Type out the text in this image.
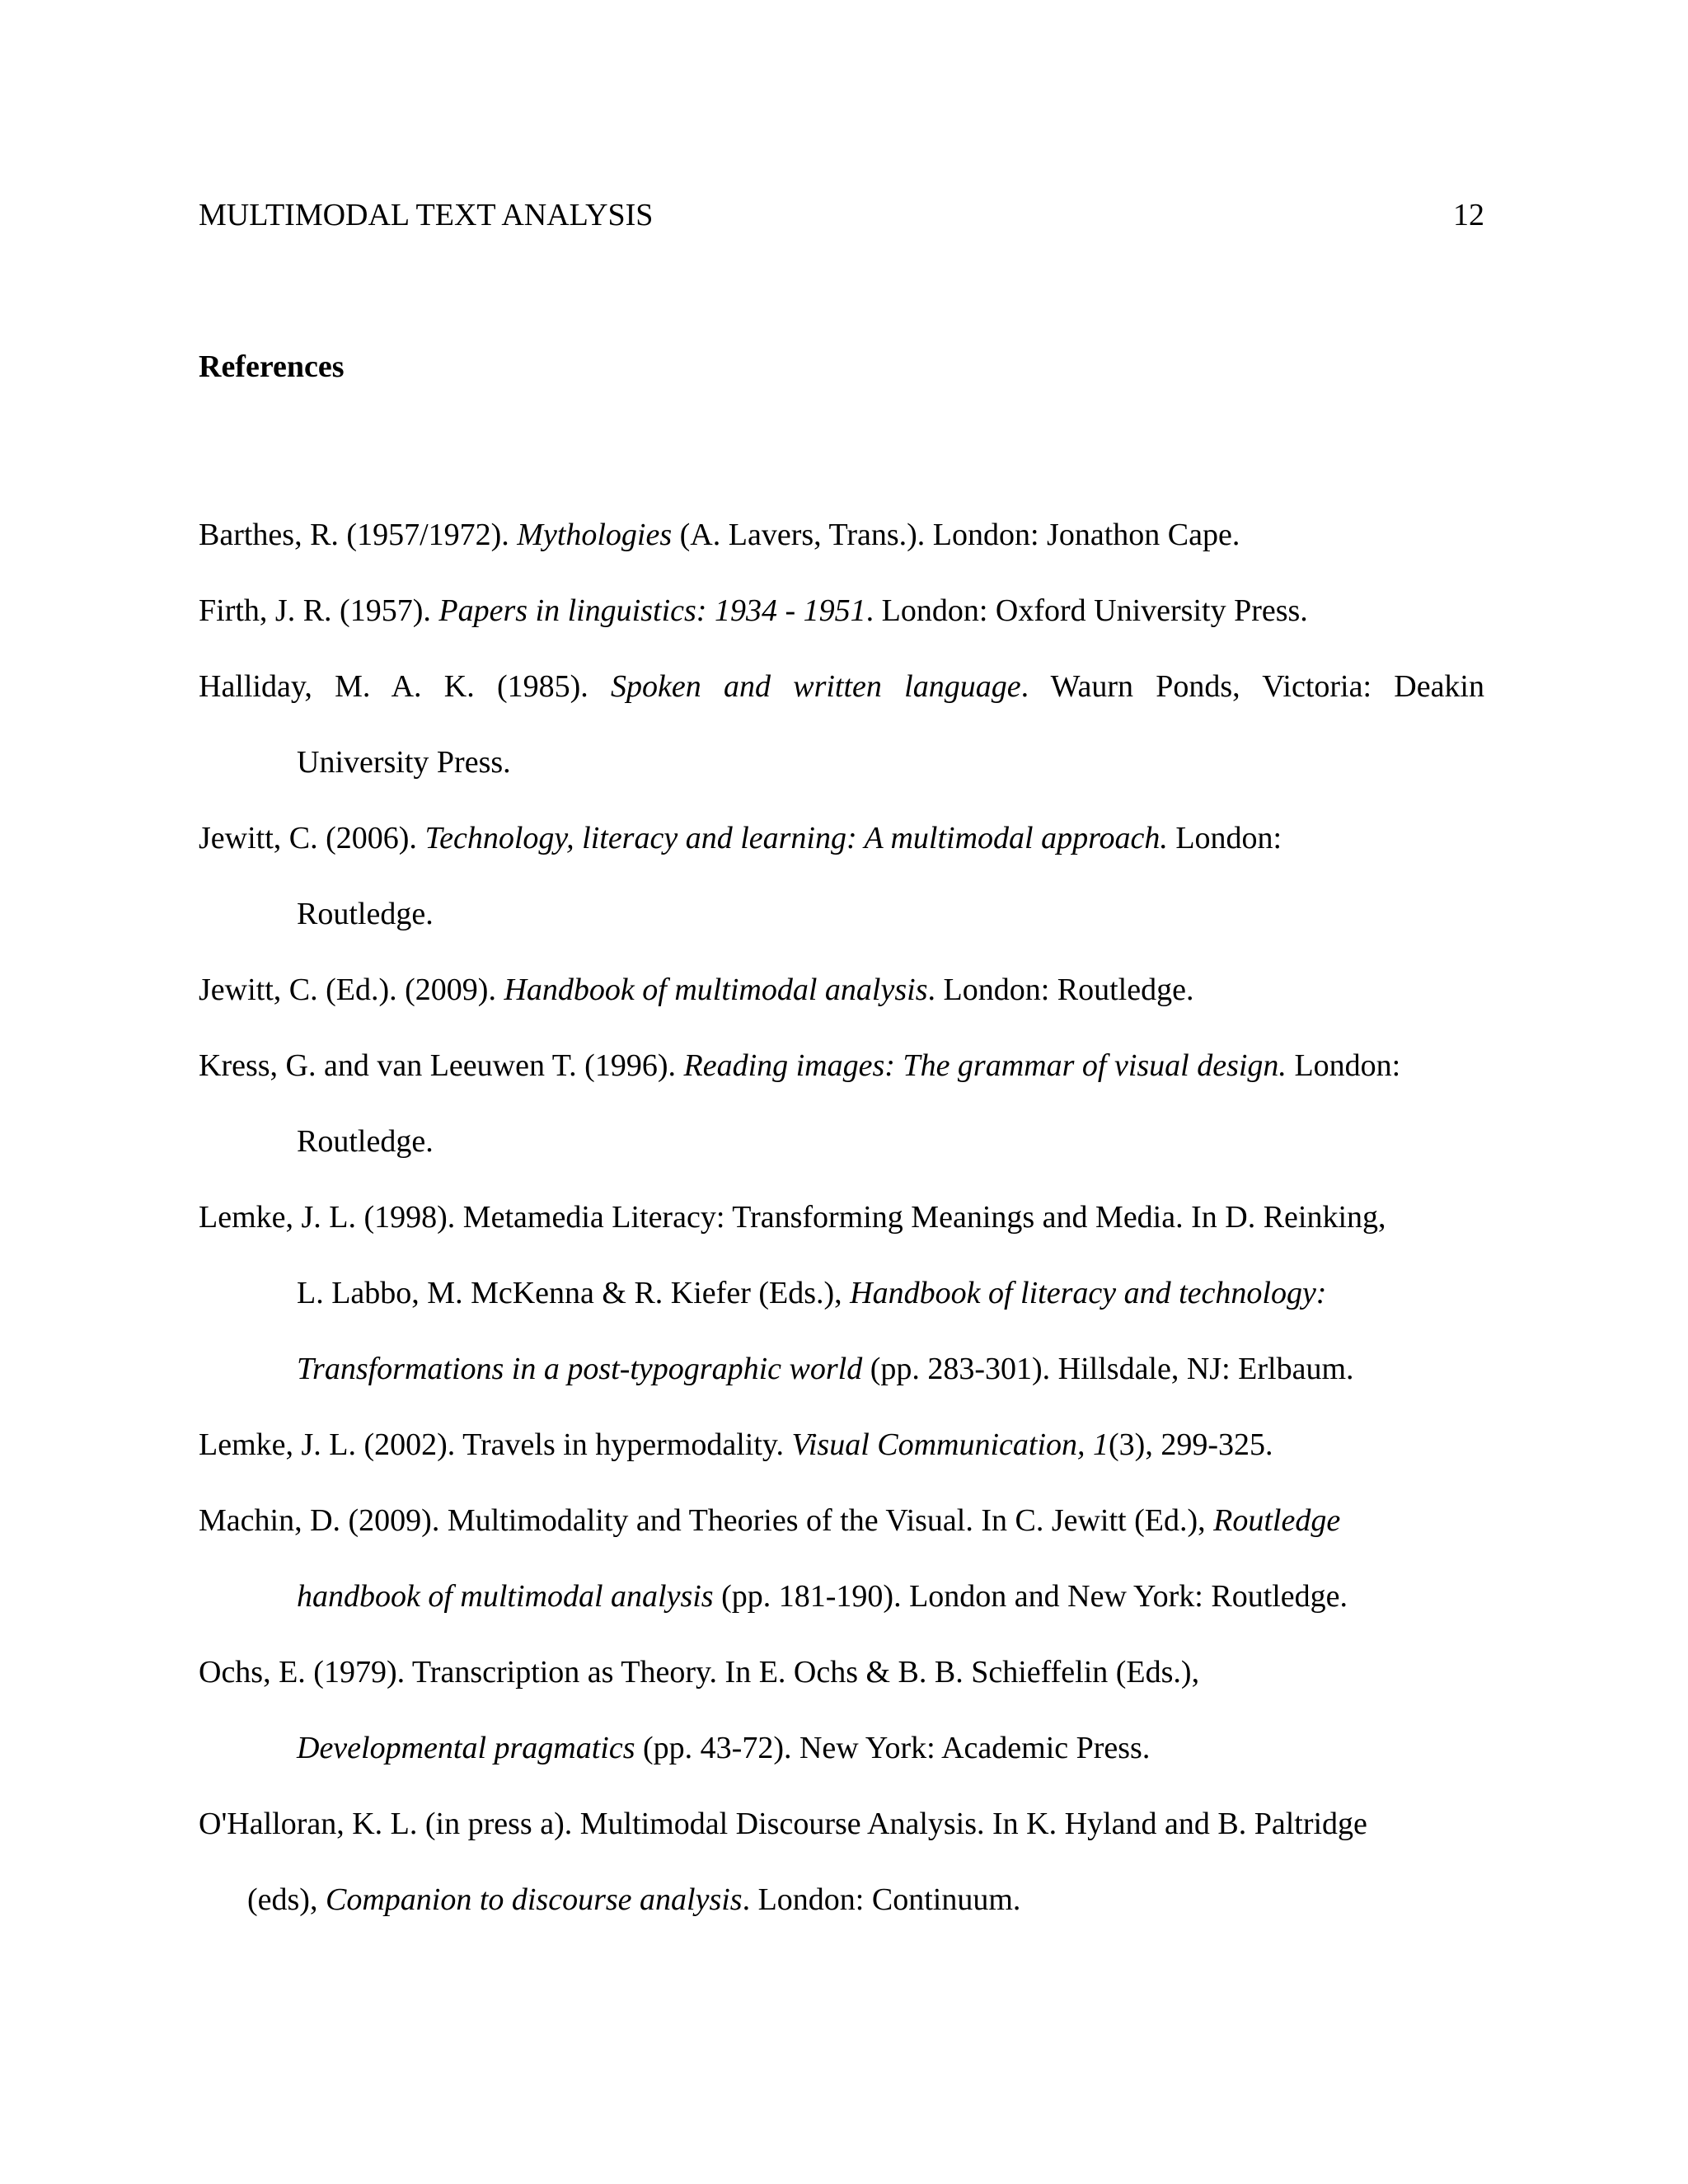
MULTIMODAL TEXT ANALYSIS	12
References
Barthes, R. (1957/1972). Mythologies (A. Lavers, Trans.). London: Jonathon Cape.
Firth, J. R. (1957). Papers in linguistics: 1934 - 1951. London: Oxford University Press.
Halliday, M. A. K. (1985). Spoken and written language. Waurn Ponds, Victoria: Deakin
University Press.
Jewitt, C. (2006). Technology, literacy and learning: A multimodal approach. London:
Routledge.
Jewitt, C. (Ed.). (2009). Handbook of multimodal analysis. London: Routledge.
Kress, G. and van Leeuwen T. (1996). Reading images: The grammar of visual design. London:
Routledge.
Lemke, J. L. (1998). Metamedia Literacy: Transforming Meanings and Media. In D. Reinking,
L. Labbo, M. McKenna & R. Kiefer (Eds.), Handbook of literacy and technology:
Transformations in a post-typographic world (pp. 283-301). Hillsdale, NJ: Erlbaum.
Lemke, J. L. (2002). Travels in hypermodality. Visual Communication, 1(3), 299-325.
Machin, D. (2009). Multimodality and Theories of the Visual. In C. Jewitt (Ed.), Routledge
handbook of multimodal analysis (pp. 181-190). London and New York: Routledge.
Ochs, E. (1979). Transcription as Theory. In E. Ochs & B. B. Schieffelin (Eds.),
Developmental pragmatics (pp. 43-72). New York: Academic Press.
O'Halloran, K. L. (in press a). Multimodal Discourse Analysis. In K. Hyland and B. Paltridge
(eds), Companion to discourse analysis. London: Continuum.
